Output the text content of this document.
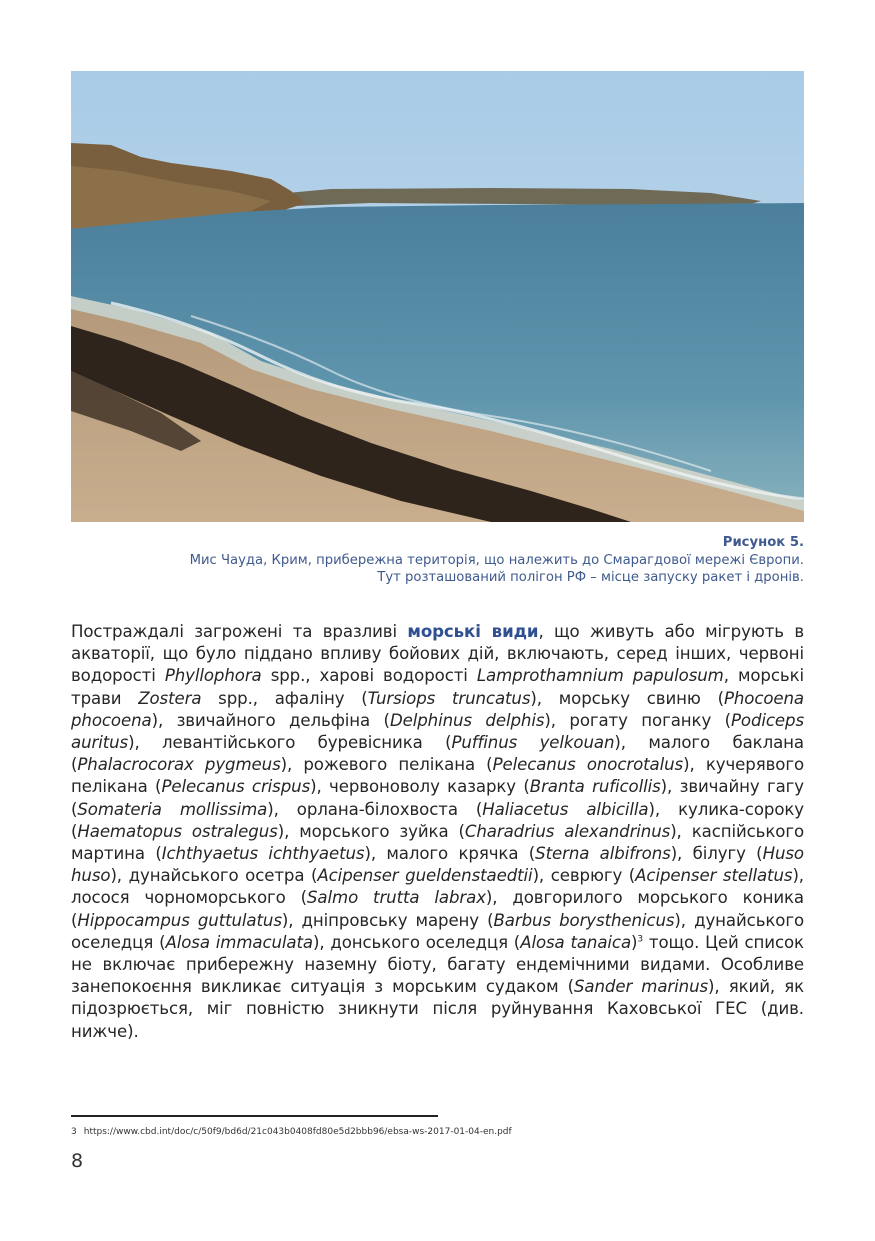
Рисунок 5.
Мис Чауда, Крим, прибережна територія, що належить до Смарагдової мережі Європи.
Тут розташований полігон РФ – місце запуску ракет і дронів.

Постраждалі загрожені та вразливі морські види, що живуть або мігрують в акваторії, що було піддано впливу бойових дій, включають, серед інших, червоні водорості Phyllophora spp., харові водорості Lamprothamnium papulosum, морські трави Zostera spp., афаліну (Tursiops truncatus), морську свиню (Phocoena phocoena), звичайного дельфіна (Delphinus delphis), рогату поганку (Podiceps auritus), левантійського буревісника (Puffinus yelkouan), малого баклана (Phalacrocorax pygmeus), рожевого пелікана (Pelecanus onocrotalus), кучерявого пелікана (Pelecanus crispus), червоноволу казарку (Branta ruficollis), звичайну гагу (Somateria mollissima), орлана-білохвоста (Haliacetus albicilla), кулика-сороку (Haematopus ostralegus), морського зуйка (Charadrius alexandrinus), каспійського мартина (Ichthyaetus ichthyaetus), малого крячка (Sterna albifrons), білугу (Huso huso), дунайського осетра (Acipenser gueldenstaedtii), севрюгу (Acipenser stellatus), лосося чорноморського (Salmo trutta labrax), довгорилого морського коника (Hippocampus guttulatus), дніпровську марену (Barbus borysthenicus), дунайського оселедця (Alosa immaculata), донського оселедця (Alosa tanaica)$^3$ тощо. Цей список не включає прибережну наземну біоту, багату ендемічними видами. Особливе занепокоєння викликає ситуація з морським судаком (Sander marinus), який, як підозрюється, міг повністю зникнути після руйнування Каховської ГЕС (див. нижче).

3 https://www.cbd.int/doc/c/50f9/bd6d/21c043b0408fd80e5d2bbb96/ebsa-ws-2017-01-04-en.pdf
8
